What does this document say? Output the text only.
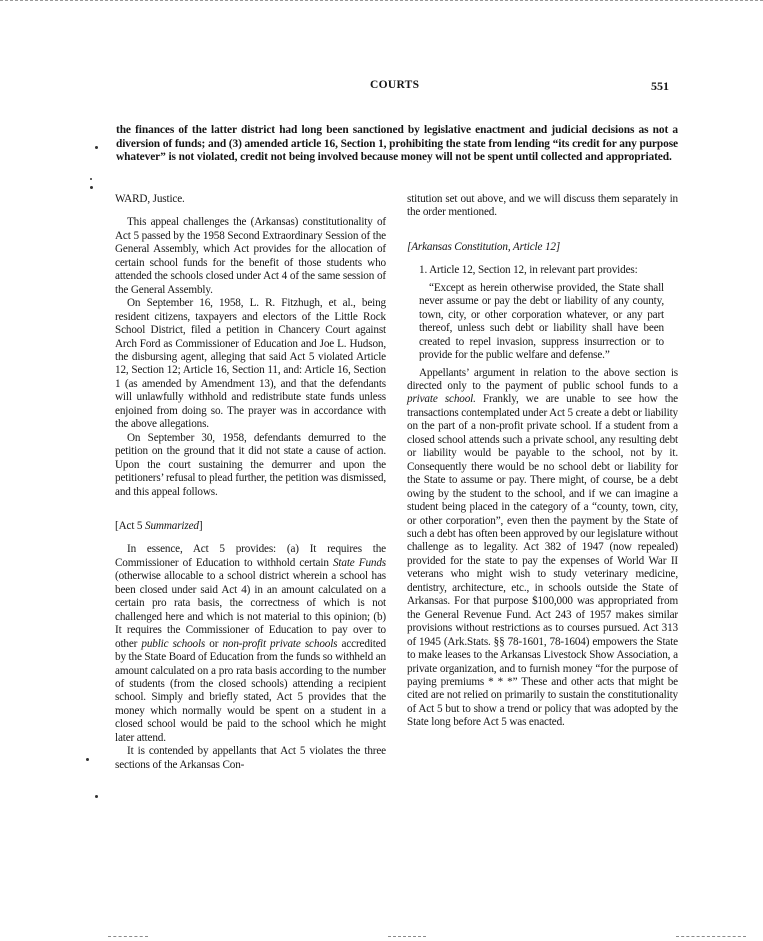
COURTS	551

the finances of the latter district had long been sanctioned by legislative enactment and judicial decisions as not a diversion of funds; and (3) amended article 16, Section 1, prohibiting the state from lending “its credit for any purpose whatever” is not violated, credit not being involved because money will not be spent until collected and appropriated.

WARD, Justice.

This appeal challenges the (Arkansas) constitutionality of Act 5 passed by the 1958 Second Extraordinary Session of the General Assembly, which Act provides for the allocation of certain school funds for the benefit of those students who attended the schools closed under Act 4 of the same session of the General Assembly.

On September 16, 1958, L. R. Fitzhugh, et al., being resident citizens, taxpayers and electors of the Little Rock School District, filed a petition in Chancery Court against Arch Ford as Commissioner of Education and Joe L. Hudson, the disbursing agent, alleging that said Act 5 violated Article 12, Section 12; Article 16, Section 11, and: Article 16, Section 1 (as amended by Amendment 13), and that the defendants will unlawfully withhold and redistribute state funds unless enjoined from doing so. The prayer was in accordance with the above allegations.

On September 30, 1958, defendants demurred to the petition on the ground that it did not state a cause of action. Upon the court sustaining the demurrer and upon the petitioners’ refusal to plead further, the petition was dismissed, and this appeal follows.

[Act 5 Summarized]

In essence, Act 5 provides: (a) It requires the Commissioner of Education to withhold certain State Funds (otherwise allocable to a school district wherein a school has been closed under said Act 4) in an amount calculated on a certain pro rata basis, the correctness of which is not challenged here and which is not material to this opinion; (b) It requires the Commissioner of Education to pay over to other public schools or non-profit private schools accredited by the State Board of Education from the funds so withheld an amount calculated on a pro rata basis according to the number of students (from the closed schools) attending a recipient school. Simply and briefly stated, Act 5 provides that the money which normally would be spent on a student in a closed school would be paid to the school which he might later attend.

It is contended by appellants that Act 5 violates the three sections of the Arkansas Con-

stitution set out above, and we will discuss them separately in the order mentioned.

[Arkansas Constitution, Article 12]

1. Article 12, Section 12, in relevant part provides:

“Except as herein otherwise provided, the State shall never assume or pay the debt or liability of any county, town, city, or other corporation whatever, or any part thereof, unless such debt or liability shall have been created to repel invasion, suppress insurrection or to provide for the public welfare and defense.”

Appellants’ argument in relation to the above section is directed only to the payment of public school funds to a private school. Frankly, we are unable to see how the transactions contemplated under Act 5 create a debt or liability on the part of a non-profit private school. If a student from a closed school attends such a private school, any resulting debt or liability would be payable to the school, not by it. Consequently there would be no school debt or liability for the State to assume or pay. There might, of course, be a debt owing by the student to the school, and if we can imagine a student being placed in the category of a “county, town, city, or other corporation”, even then the payment by the State of such a debt has often been approved by our legislature without challenge as to legality. Act 382 of 1947 (now repealed) provided for the state to pay the expenses of World War II veterans who might wish to study veterinary medicine, dentistry, architecture, etc., in schools outside the State of Arkansas. For that purpose $100,000 was appropriated from the General Revenue Fund. Act 243 of 1957 makes similar provisions without restrictions as to courses pursued. Act 313 of 1945 (Ark.Stats. §§ 78-1601, 78-1604) empowers the State to make leases to the Arkansas Livestock Show Association, a private organization, and to furnish money “for the purpose of paying premiums * * *” These and other acts that might be cited are not relied on primarily to sustain the constitutionality of Act 5 but to show a trend or policy that was adopted by the State long before Act 5 was enacted.
